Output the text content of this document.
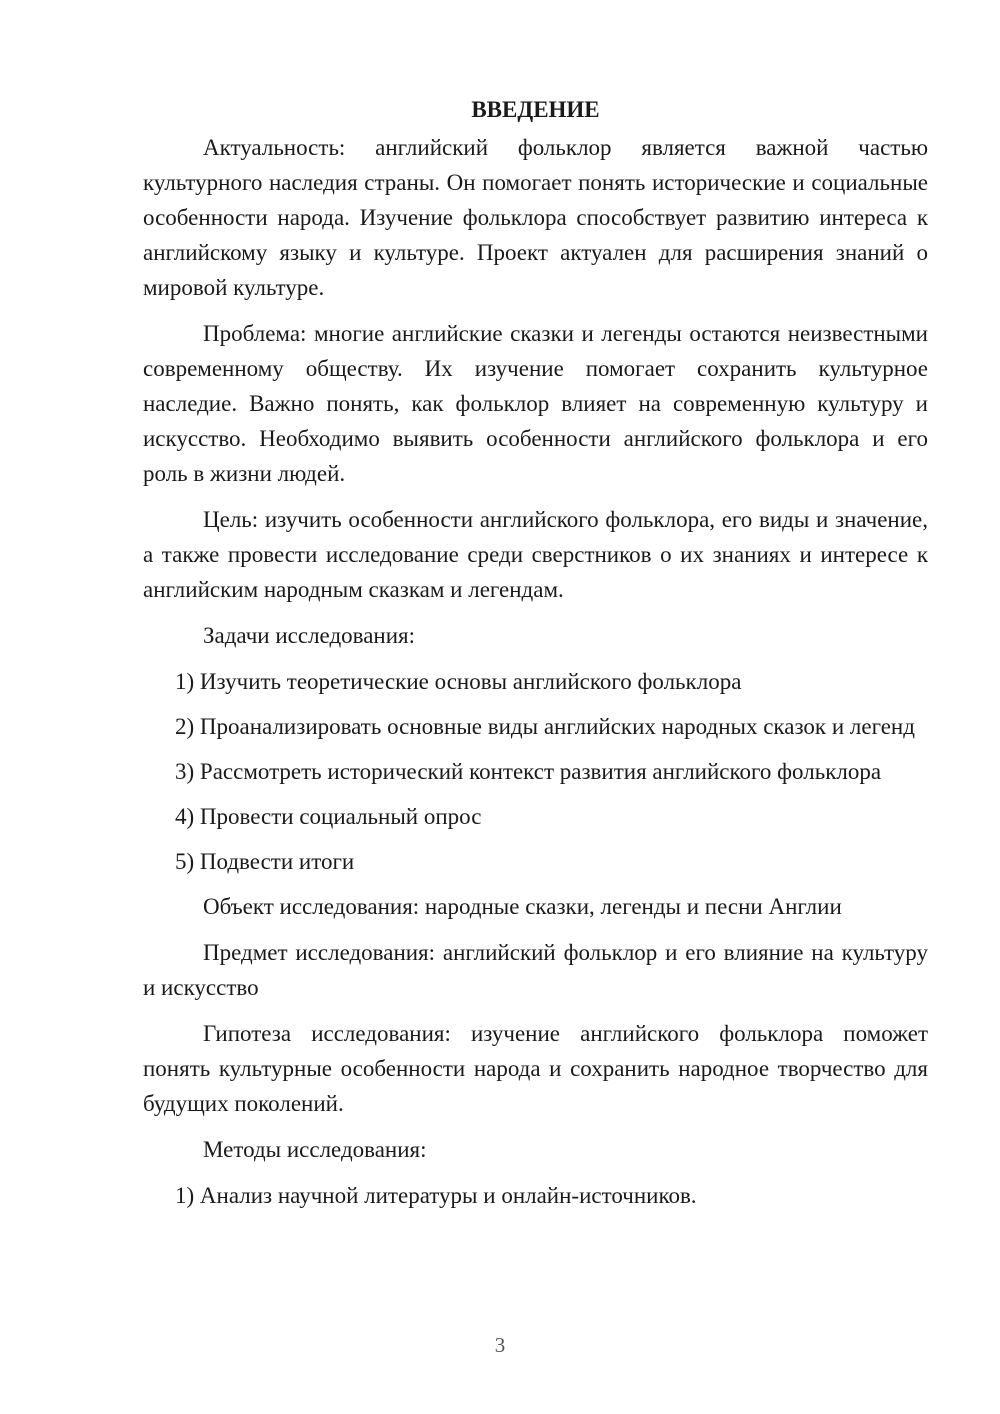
ВВЕДЕНИЕ

Актуальность: английский фольклор является важной частью культурного наследия страны. Он помогает понять исторические и социальные особенности народа. Изучение фольклора способствует развитию интереса к английскому языку и культуре. Проект актуален для расширения знаний о мировой культуре.

Проблема: многие английские сказки и легенды остаются неизвестными современному обществу. Их изучение помогает сохранить культурное наследие. Важно понять, как фольклор влияет на современную культуру и искусство. Необходимо выявить особенности английского фольклора и его роль в жизни людей.

Цель: изучить особенности английского фольклора, его виды и значение, а также провести исследование среди сверстников о их знаниях и интересе к английским народным сказкам и легендам.

Задачи исследования:

1) Изучить теоретические основы английского фольклора

2) Проанализировать основные виды английских народных сказок и легенд

3) Рассмотреть исторический контекст развития английского фольклора

4) Провести социальный опрос

5) Подвести итоги

Объект исследования: народные сказки, легенды и песни Англии

Предмет исследования: английский фольклор и его влияние на культуру и искусство

Гипотеза исследования: изучение английского фольклора поможет понять культурные особенности народа и сохранить народное творчество для будущих поколений.

Методы исследования:

1) Анализ научной литературы и онлайн-источников.

3
